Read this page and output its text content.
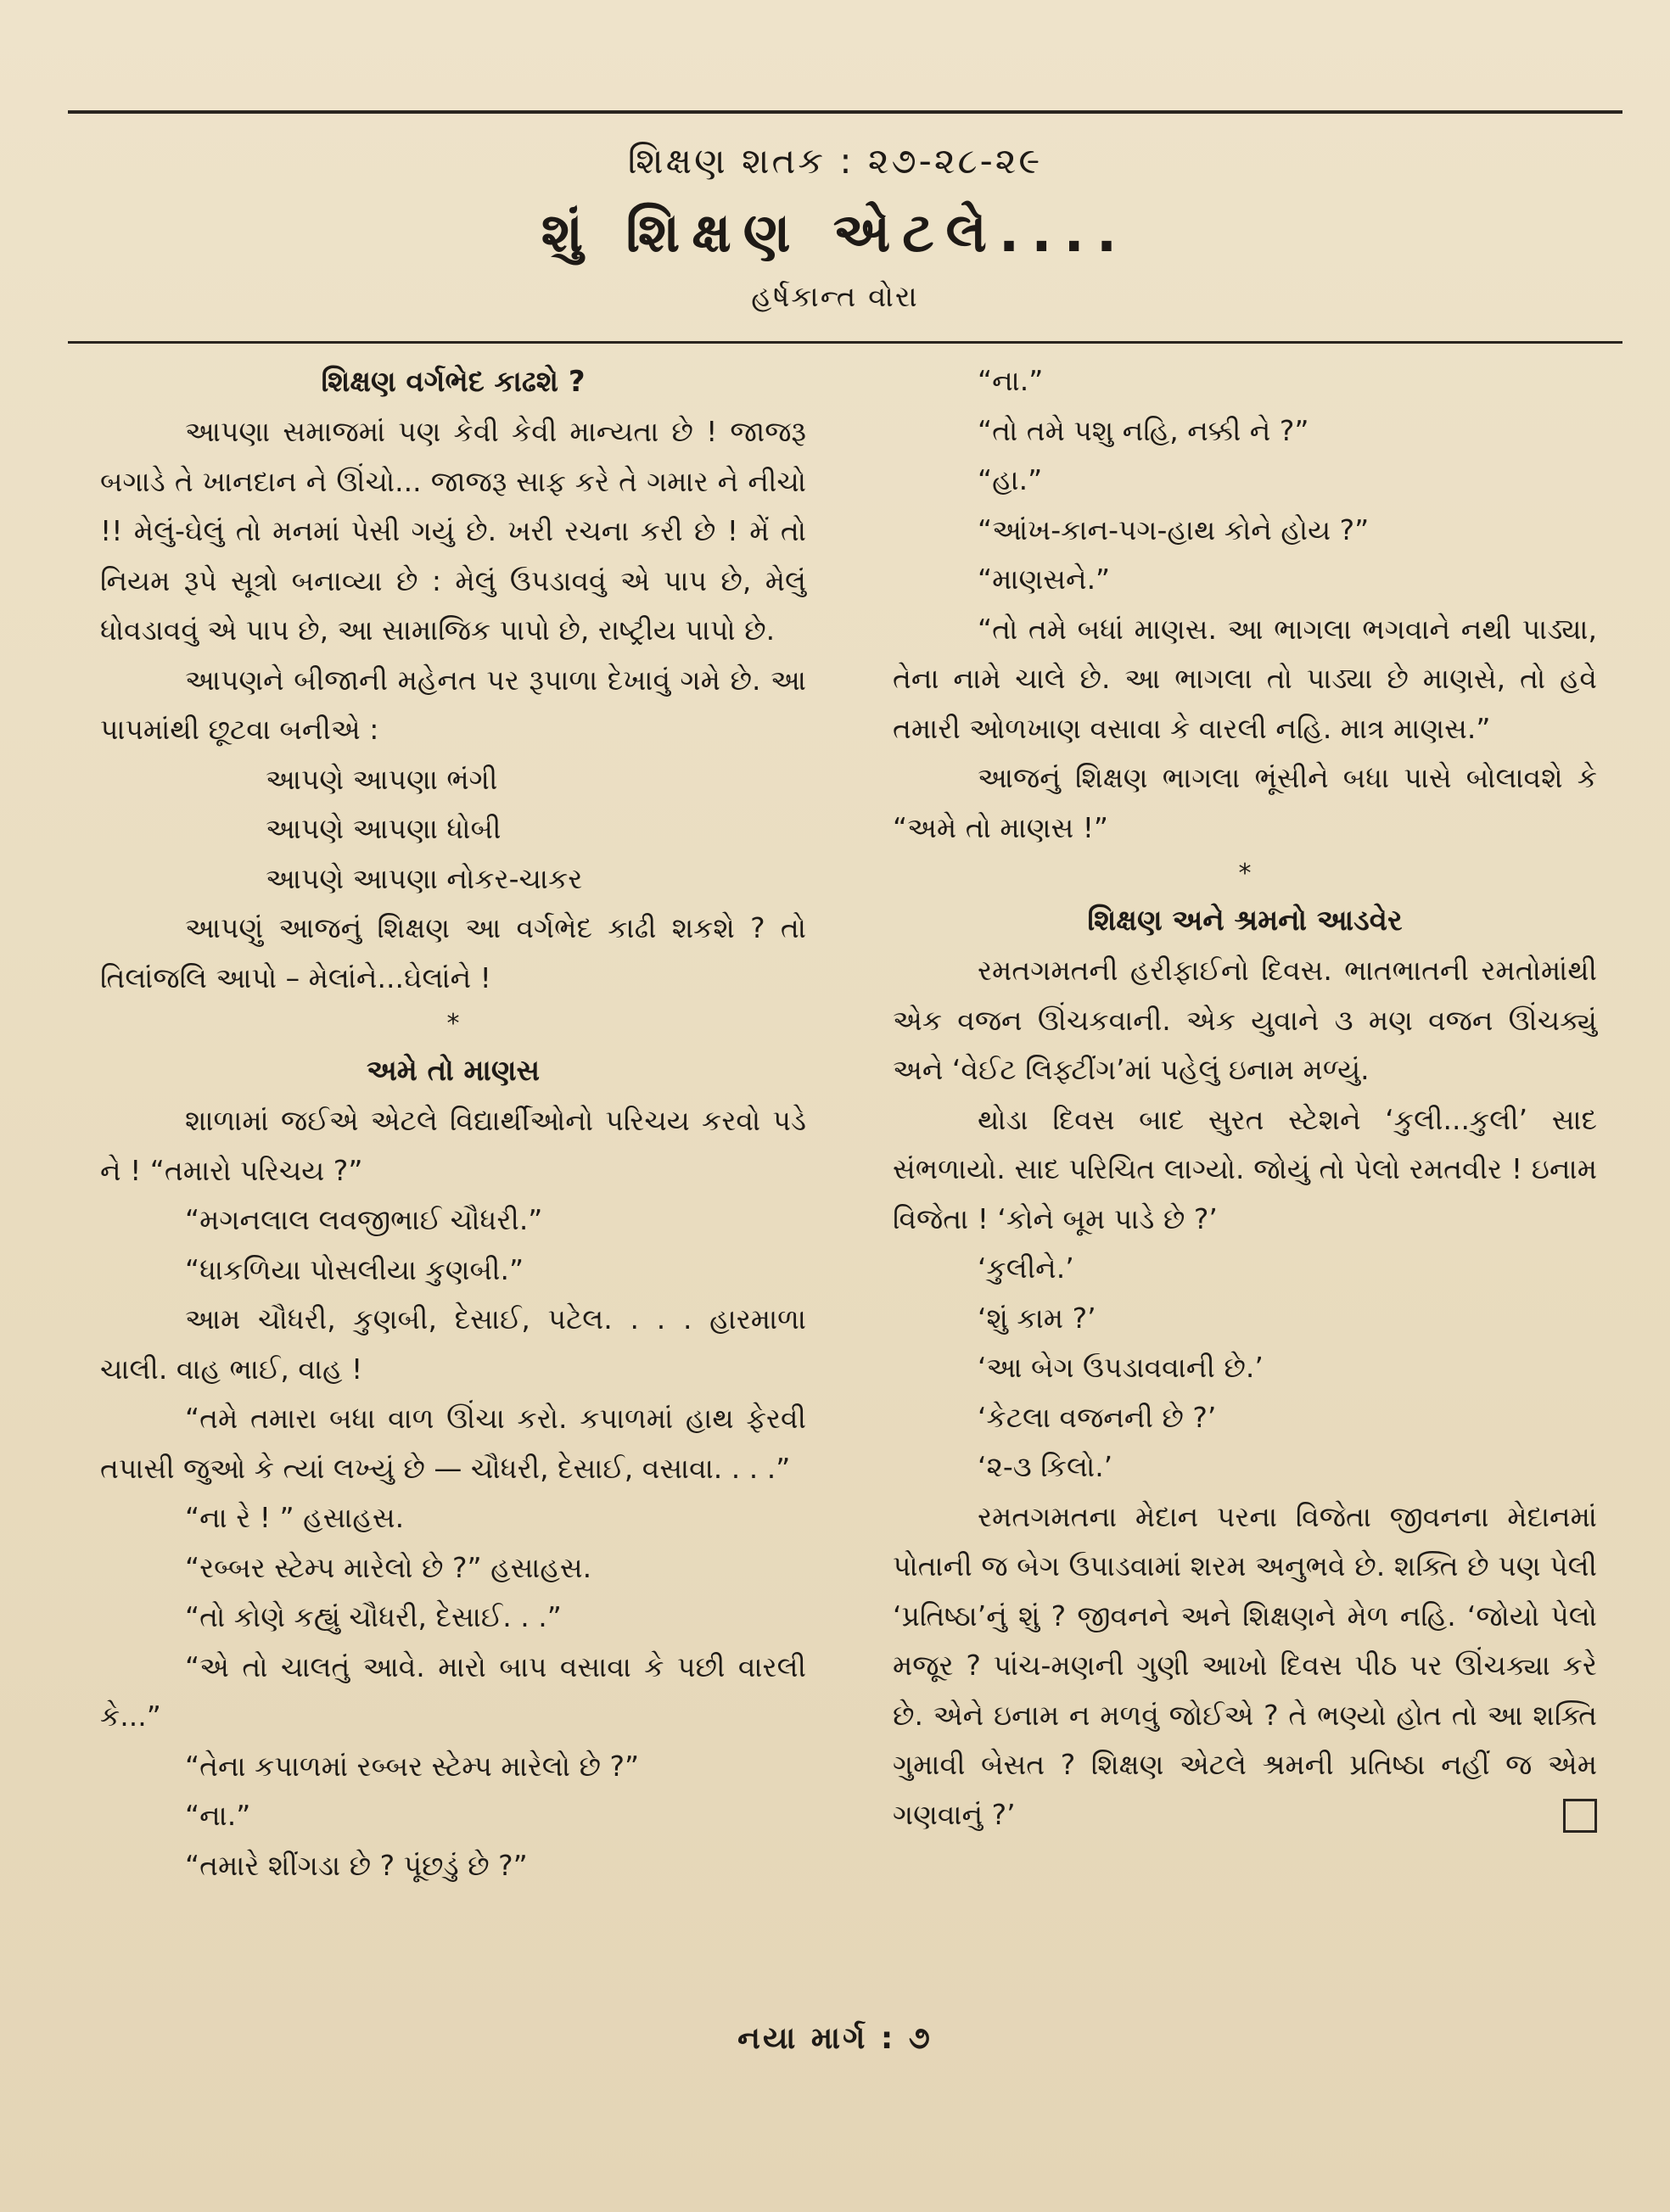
શિક્ષણ શતક : ૨૭-૨૮-૨૯
શું શિક્ષણ એટલે....
હર્ષકાન્ત વોરા
શિક્ષણ વર્ગભેદ કાઢશે ?

આપણા સમાજમાં પણ કેવી કેવી માન્યતા છે ! જાજરૂ બગાડે તે ખાનદાન ને ઊંચો... જાજરૂ સાફ કરે તે ગમાર ને નીચો !! મેલું-ઘેલું તો મનમાં પેસી ગયું છે. ખરી રચના કરી છે ! મેં તો નિયમ રૂપે સૂત્રો બનાવ્યા છે : મેલું ઉપડાવવું એ પાપ છે, મેલું ધોવડાવવું એ પાપ છે, આ સામાજિક પાપો છે, રાષ્ટ્રીય પાપો છે.

આપણને બીજાની મહેનત પર રૂપાળા દેખાવું ગમે છે. આ પાપમાંથી છૂટવા બનીએ :

આપણે આપણા ભંગી

આપણે આપણા ધોબી

આપણે આપણા નોકર-ચાકર

આપણું આજનું શિક્ષણ આ વર્ગભેદ કાઢી શકશે ? તો તિલાંજલિ આપો – મેલાંને...ઘેલાંને !

*
અમે તો માણસ

શાળામાં જઈએ એટલે વિદ્યાર્થીઓનો પરિચય કરવો પડે ને ! “તમારો પરિચય ?”

“મગનલાલ લવજીભાઈ ચૌધરી.”

“ધાકળિયા પોસલીયા કુણબી.”

આમ ચૌધરી, કુણબી, દેસાઈ, પટેલ. . . . હારમાળા ચાલી. વાહ ભાઈ, વાહ !

“તમે તમારા બધા વાળ ઊંચા કરો. કપાળમાં હાથ ફેરવી તપાસી જુઓ કે ત્યાં લખ્યું છે — ચૌધરી, દેસાઈ, વસાવા. . . .”

“ના રે ! ” હસાહસ.

“રબ્બર સ્ટેમ્પ મારેલો છે ?” હસાહસ.

“તો કોણે કહ્યું ચૌધરી, દેસાઈ. . .”

“એ તો ચાલતું આવે. મારો બાપ વસાવા કે પછી વારલી કે...”

“તેના કપાળમાં રબ્બર સ્ટેમ્પ મારેલો છે ?”

“ના.”

“તમારે શીંગડા છે ? પૂંછડું છે ?”

“ના.”

“તો તમે પશુ નહિ, નક્કી ને ?”

“હા.”

“આંખ-કાન-પગ-હાથ કોને હોય ?”

“માણસને.”

“તો તમે બધાં માણસ. આ ભાગલા ભગવાને નથી પાડ્યા, તેના નામે ચાલે છે. આ ભાગલા તો પાડ્યા છે માણસે, તો હવે તમારી ઓળખાણ વસાવા કે વારલી નહિ. માત્ર માણસ.”

આજનું શિક્ષણ ભાગલા ભૂંસીને બધા પાસે બોલાવશે કે “અમે તો માણસ !”

*
શિક્ષણ અને શ્રમનો આડવેર

રમતગમતની હરીફાઈનો દિવસ. ભાતભાતની રમતોમાંથી એક વજન ઊંચકવાની. એક યુવાને ૩ મણ વજન ઊંચક્યું અને ‘વેઈટ લિફ્ટીંગ’માં પહેલું ઇનામ મળ્યું.

થોડા દિવસ બાદ સુરત સ્ટેશને ‘કુલી...કુલી’ સાદ સંભળાયો. સાદ પરિચિત લાગ્યો. જોયું તો પેલો રમતવીર ! ઇનામ વિજેતા ! ‘કોને બૂમ પાડે છે ?’

‘કુલીને.’

‘શું કામ ?’

‘આ બેગ ઉપડાવવાની છે.’

‘કેટલા વજનની છે ?’

‘૨-૩ કિલો.’

રમતગમતના મેદાન પરના વિજેતા જીવનના મેદાનમાં પોતાની જ બેગ ઉપાડવામાં શરમ અનુભવે છે. શક્તિ છે પણ પેલી ‘પ્રતિષ્ઠા’નું શું ? જીવનને અને શિક્ષણને મેળ નહિ. ‘જોયો પેલો મજૂર ? પાંચ-મણની ગુણી આખો દિવસ પીઠ પર ઊંચક્યા કરે છે. એને ઇનામ ન મળવું જોઈએ ? તે ભણ્યો હોત તો આ શક્તિ ગુમાવી બેસત ? શિક્ષણ એટલે શ્રમની પ્રતિષ્ઠા નહીં જ એમ ગણવાનું ?’

નયા માર્ગ : ૭
